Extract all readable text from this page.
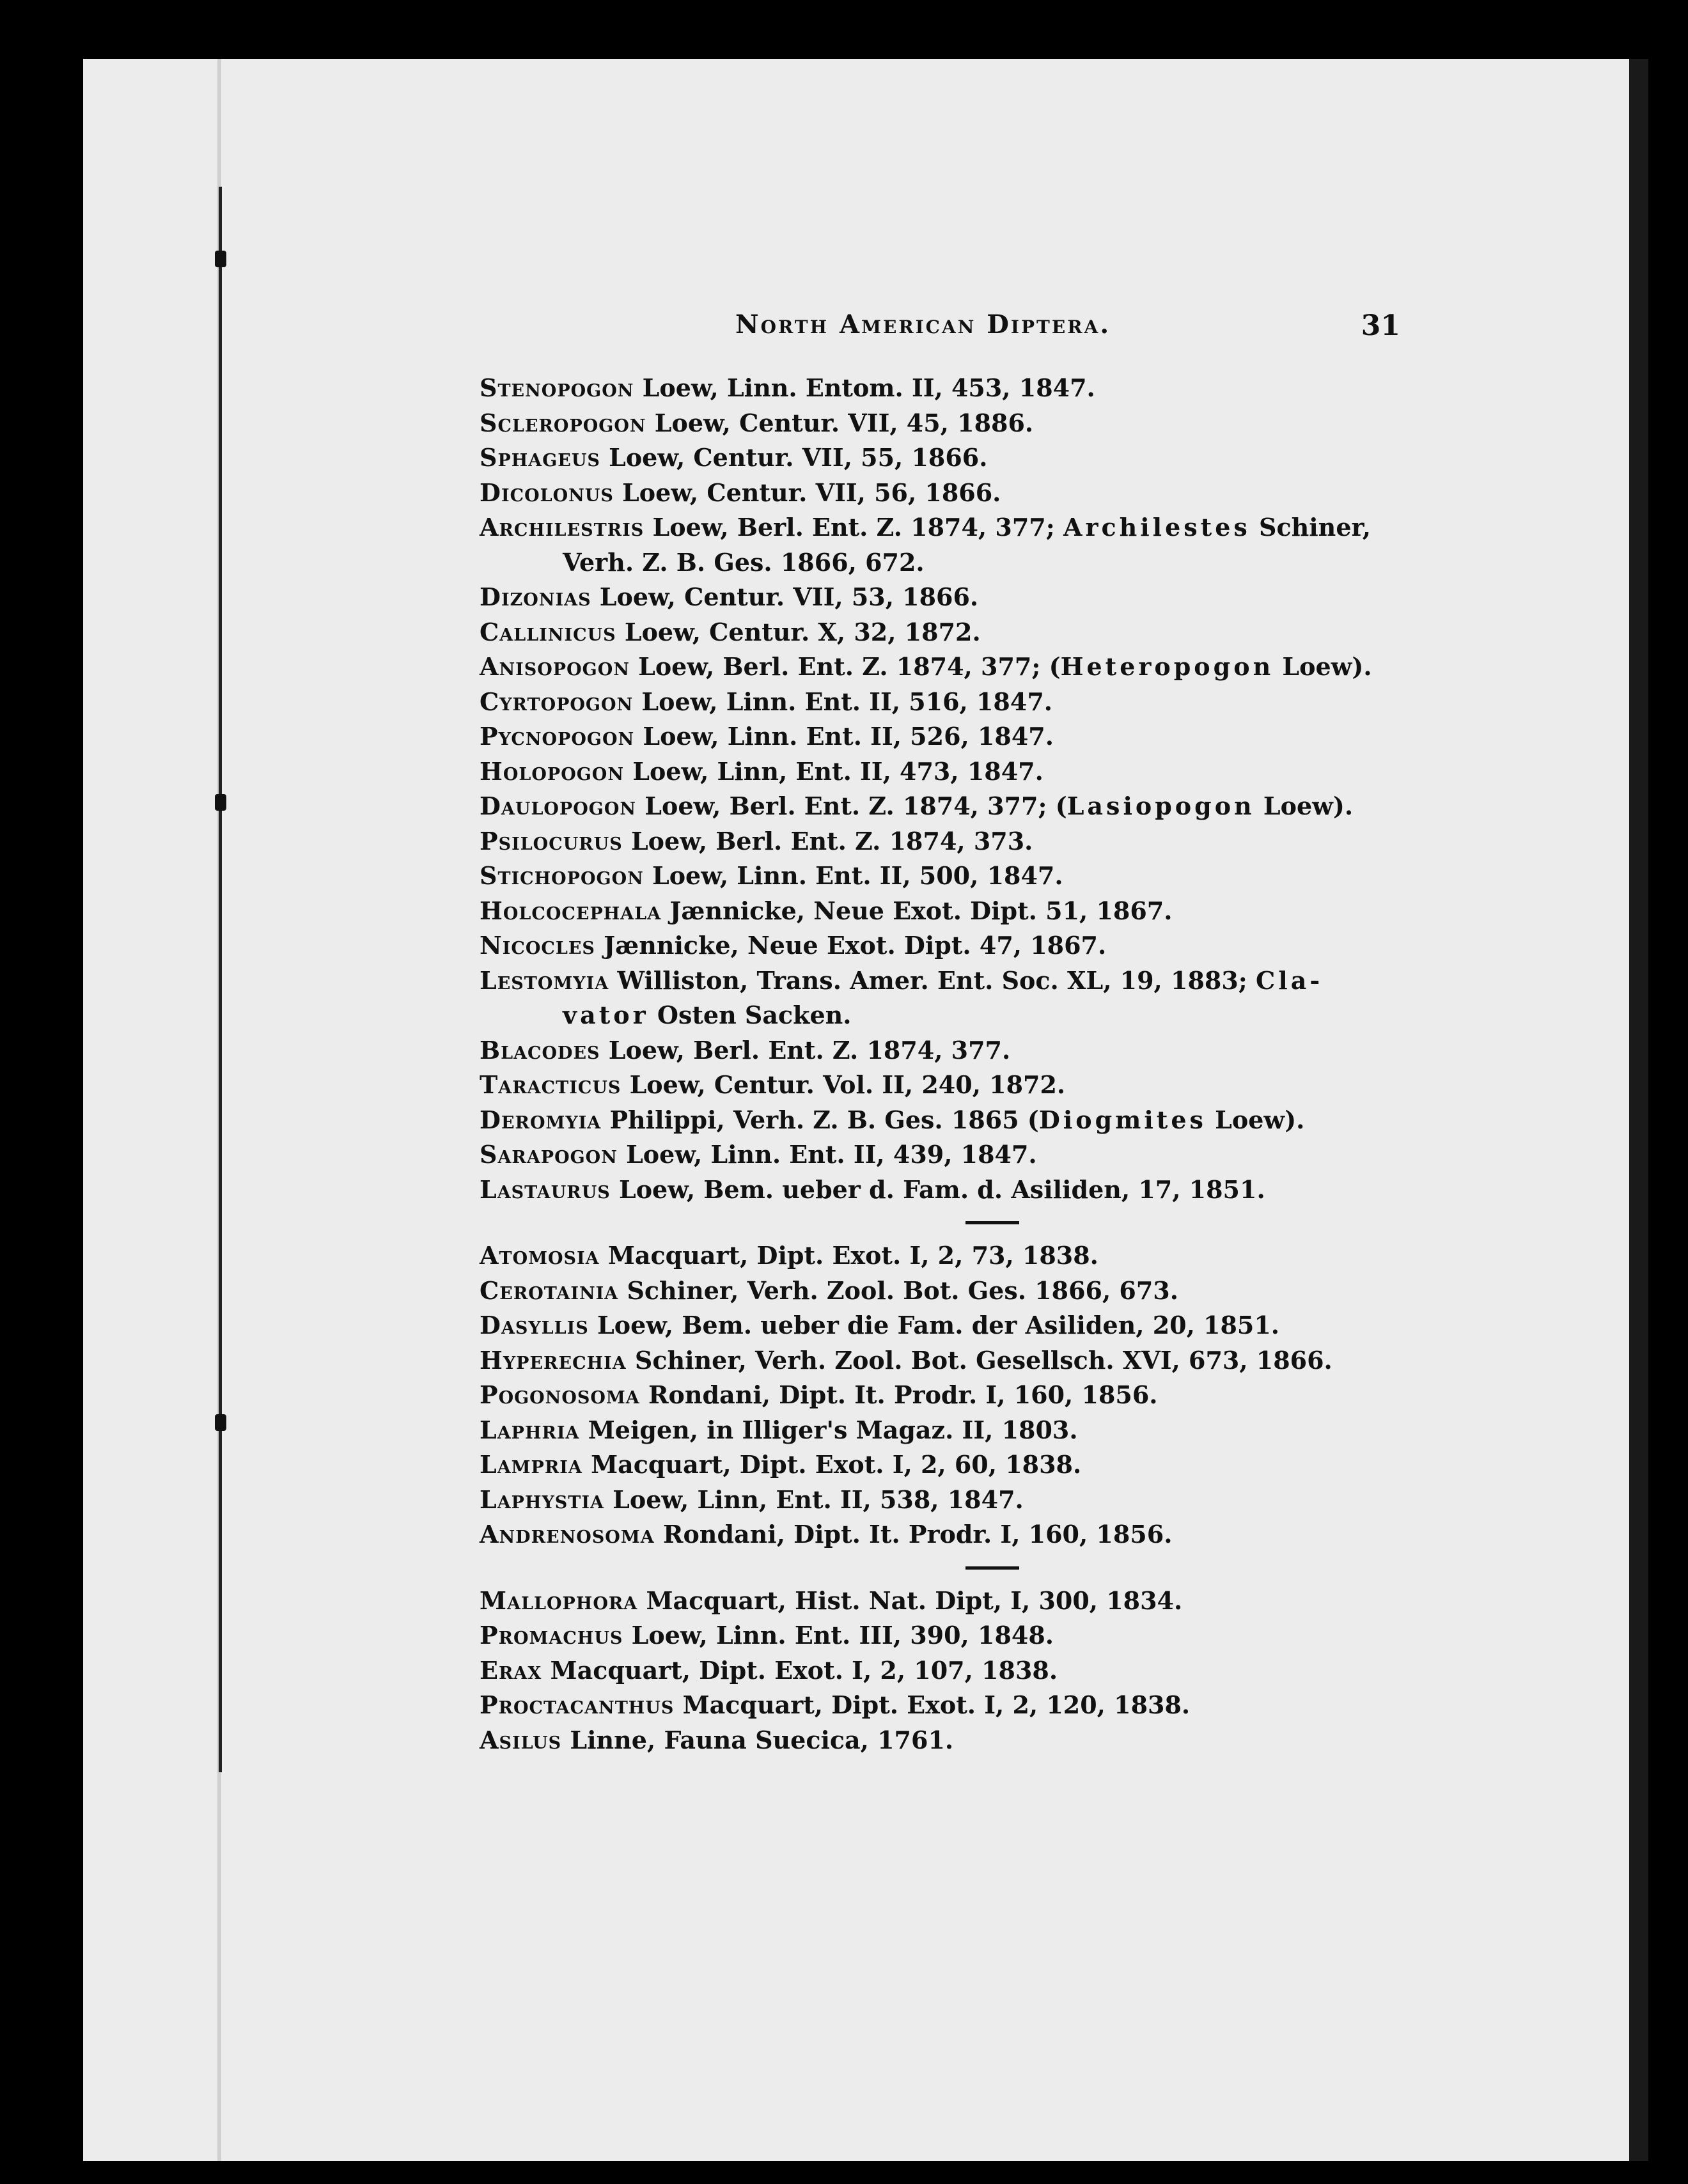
North American Diptera.	31
Stenopogon Loew, Linn. Entom. II, 453, 1847.
Scleropogon Loew, Centur. VII, 45, 1886.
Sphageus Loew, Centur. VII, 55, 1866.
Dicolonus Loew, Centur. VII, 56, 1866.
Archilestris Loew, Berl. Ent. Z. 1874, 377; Archilestes Schiner,
Verh. Z. B. Ges. 1866, 672.
Dizonias Loew, Centur. VII, 53, 1866.
Callinicus Loew, Centur. X, 32, 1872.
Anisopogon Loew, Berl. Ent. Z. 1874, 377; (Heteropogon Loew).
Cyrtopogon Loew, Linn. Ent. II, 516, 1847.
Pycnopogon Loew, Linn. Ent. II, 526, 1847.
Holopogon Loew, Linn, Ent. II, 473, 1847.
Daulopogon Loew, Berl. Ent. Z. 1874, 377; (Lasiopogon Loew).
Psilocurus Loew, Berl. Ent. Z. 1874, 373.
Stichopogon Loew, Linn. Ent. II, 500, 1847.
Holcocephala Jænnicke, Neue Exot. Dipt. 51, 1867.
Nicocles Jænnicke, Neue Exot. Dipt. 47, 1867.
Lestomyia Williston, Trans. Amer. Ent. Soc. XL, 19, 1883; Cla-
vator Osten Sacken.
Blacodes Loew, Berl. Ent. Z. 1874, 377.
Taracticus Loew, Centur. Vol. II, 240, 1872.
Deromyia Philippi, Verh. Z. B. Ges. 1865 (Diogmites Loew).
Sarapogon Loew, Linn. Ent. II, 439, 1847.
Lastaurus Loew, Bem. ueber d. Fam. d. Asiliden, 17, 1851.
Atomosia Macquart, Dipt. Exot. I, 2, 73, 1838.
Cerotainia Schiner, Verh. Zool. Bot. Ges. 1866, 673.
Dasyllis Loew, Bem. ueber die Fam. der Asiliden, 20, 1851.
Hyperechia Schiner, Verh. Zool. Bot. Gesellsch. XVI, 673, 1866.
Pogonosoma Rondani, Dipt. It. Prodr. I, 160, 1856.
Laphria Meigen, in Illiger's Magaz. II, 1803.
Lampria Macquart, Dipt. Exot. I, 2, 60, 1838.
Laphystia Loew, Linn, Ent. II, 538, 1847.
Andrenosoma Rondani, Dipt. It. Prodr. I, 160, 1856.
Mallophora Macquart, Hist. Nat. Dipt, I, 300, 1834.
Promachus Loew, Linn. Ent. III, 390, 1848.
Erax Macquart, Dipt. Exot. I, 2, 107, 1838.
Proctacanthus Macquart, Dipt. Exot. I, 2, 120, 1838.
Asilus Linne, Fauna Suecica, 1761.
